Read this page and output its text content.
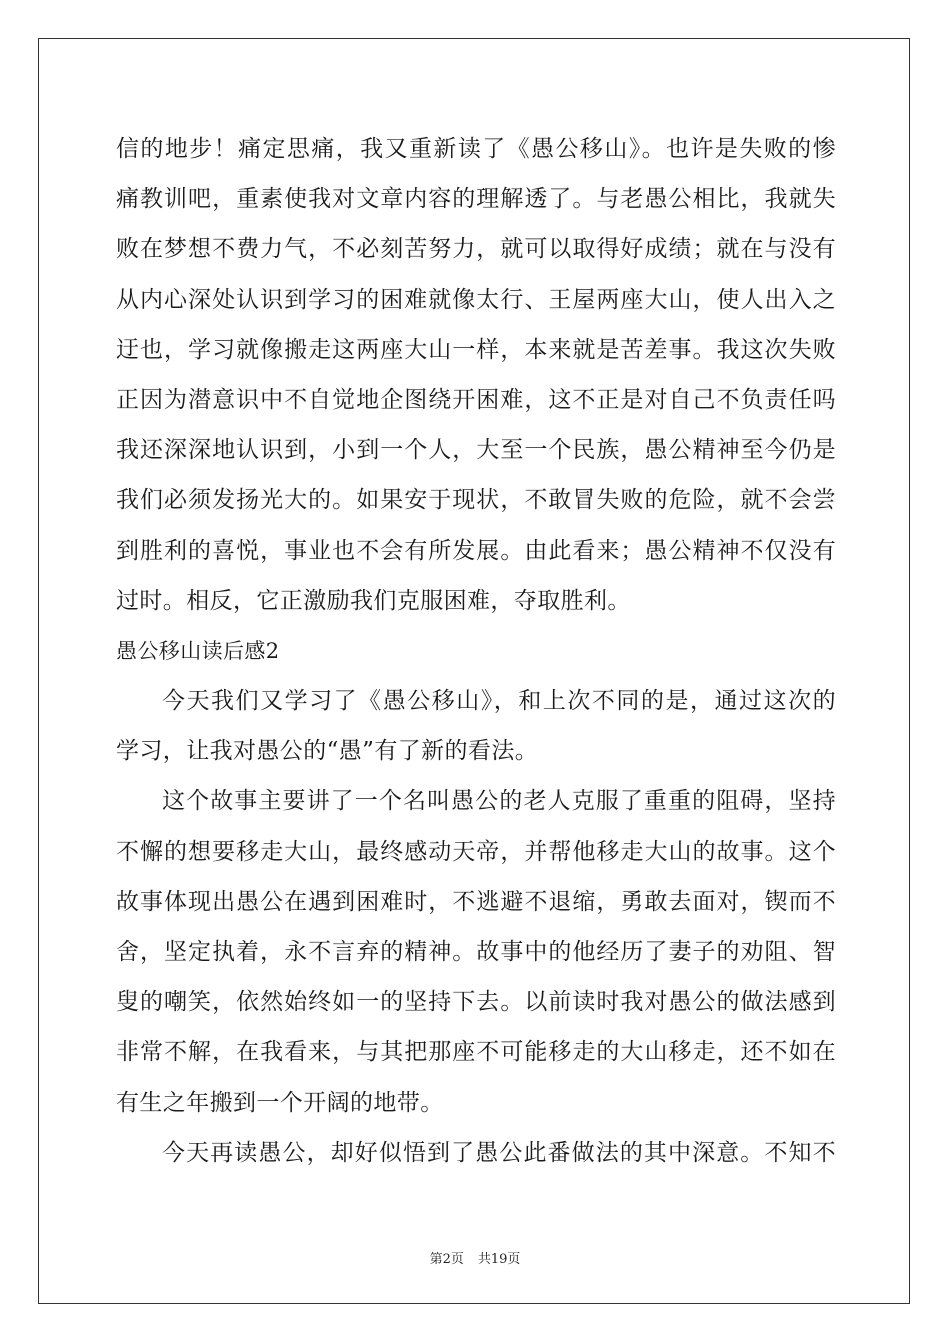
信的地步！痛定思痛，我又重新读了《愚公移山》。也许是失败的惨
痛教训吧，重素使我对文章内容的理解透了。与老愚公相比，我就失
败在梦想不费力气，不必刻苦努力，就可以取得好成绩；就在与没有
从内心深处认识到学习的困难就像太行、王屋两座大山，使人出入之
迂也，学习就像搬走这两座大山一样，本来就是苦差事。我这次失败
正因为潜意识中不自觉地企图绕开困难，这不正是对自己不负责任吗
我还深深地认识到，小到一个人，大至一个民族，愚公精神至今仍是
我们必须发扬光大的。如果安于现状，不敢冒失败的危险，就不会尝
到胜利的喜悦，事业也不会有所发展。由此看来；愚公精神不仅没有
过时。相反，它正激励我们克服困难，夺取胜利。
愚公移山读后感2
今天我们又学习了《愚公移山》，和上次不同的是，通过这次的
学习，让我对愚公的“愚”有了新的看法。
这个故事主要讲了一个名叫愚公的老人克服了重重的阻碍，坚持
不懈的想要移走大山，最终感动天帝，并帮他移走大山的故事。这个
故事体现出愚公在遇到困难时，不逃避不退缩，勇敢去面对，锲而不
舍，坚定执着，永不言弃的精神。故事中的他经历了妻子的劝阻、智
叟的嘲笑，依然始终如一的坚持下去。以前读时我对愚公的做法感到
非常不解，在我看来，与其把那座不可能移走的大山移走，还不如在
有生之年搬到一个开阔的地带。
今天再读愚公，却好似悟到了愚公此番做法的其中深意。不知不
第2页 共19页
